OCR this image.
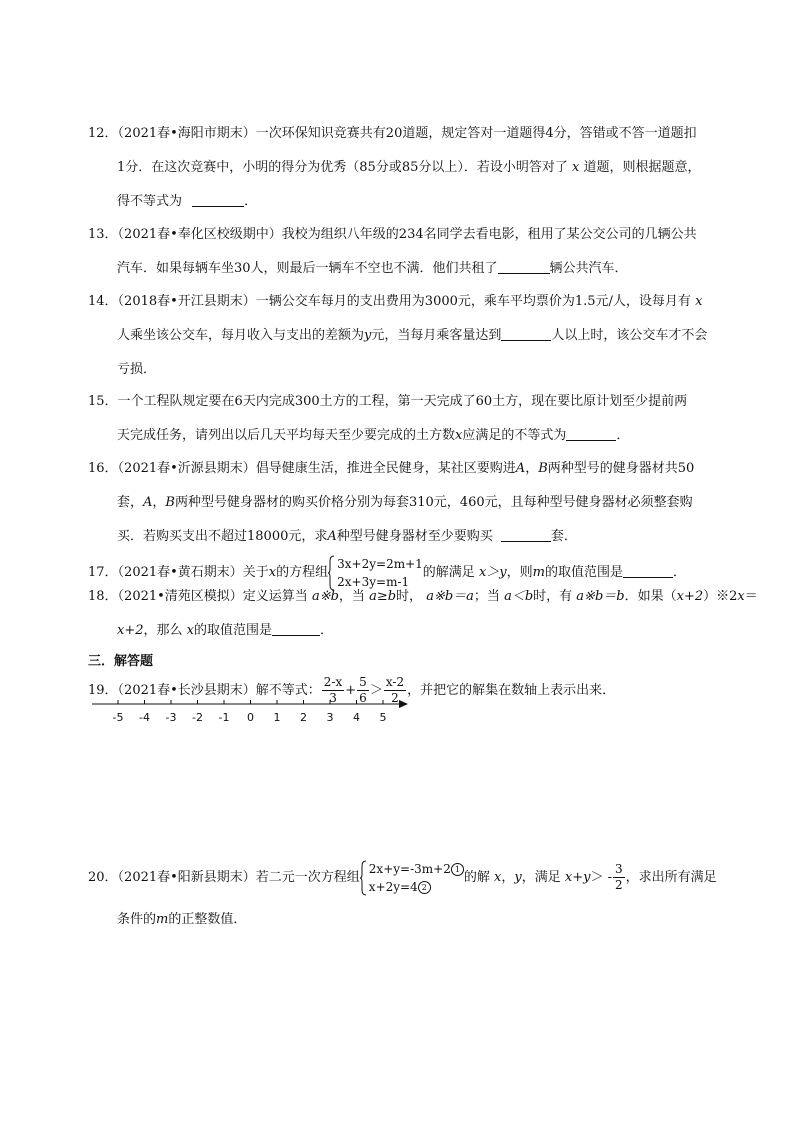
12．（2021春•海阳市期末）一次环保知识竞赛共有20道题，规定答对一道题得4分，答错或不答一道题扣
1分．在这次竞赛中，小明的得分为优秀（85分或85分以上）．若设小明答对了 x 道题，则根据题意，
得不等式为	．
13．（2021春•奉化区校级期中）我校为组织八年级的234名同学去看电影，租用了某公交公司的几辆公共
汽车．如果每辆车坐30人，则最后一辆车不空也不满．他们共租了	辆公共汽车．
14．（2018春•开江县期末）一辆公交车每月的支出费用为3000元，乘车平均票价为1.5元/人，设每月有 x
人乘坐该公交车，每月收入与支出的差额为y元，当每月乘客量达到	人以上时，该公交车才不会
亏损．
15．一个工程队规定要在6天内完成300土方的工程，第一天完成了60土方，现在要比原计划至少提前两
天完成任务，请列出以后几天平均每天至少要完成的土方数x应满足的不等式为	．
16．（2021春•沂源县期末）倡导健康生活，推进全民健身，某社区要购进A，B两种型号的健身器材共50
套，A，B两种型号健身器材的购买价格分别为每套310元，460元，且每种型号健身器材必须整套购
买．若购买支出不超过18000元，求A种型号健身器材至少要购买	套．
17．（2021春•黄石期末）关于x的方程组
3x+2y=2m+1
2x+3y=m-1
的解满足 x＞y，则m的取值范围是	．
18．（2021•清苑区模拟）定义运算当 a※b，当 a≥b时， a※b＝a；当 a＜b时，有 a※b＝b．如果（x+2）※2x＝
x+2，那么 x的取值范围是	．
三．解答题
19．（2021春•长沙县期末）解不等式： $\frac{2-x}{3} + \frac{5}{6} > \frac{x-2}{2}$ ，并把它的解集在数轴上表示出来．
-5 -4 -3 -2 -1 0 1 2 3 4 5
20．（2021春•阳新县期末）若二元一次方程组
2x+y=-3m+2 1
x+2y=4 2
的解 x，y，满足 $x+y> - \frac{3}{2}$ ，求出所有满足
条件的m的正整数值．
